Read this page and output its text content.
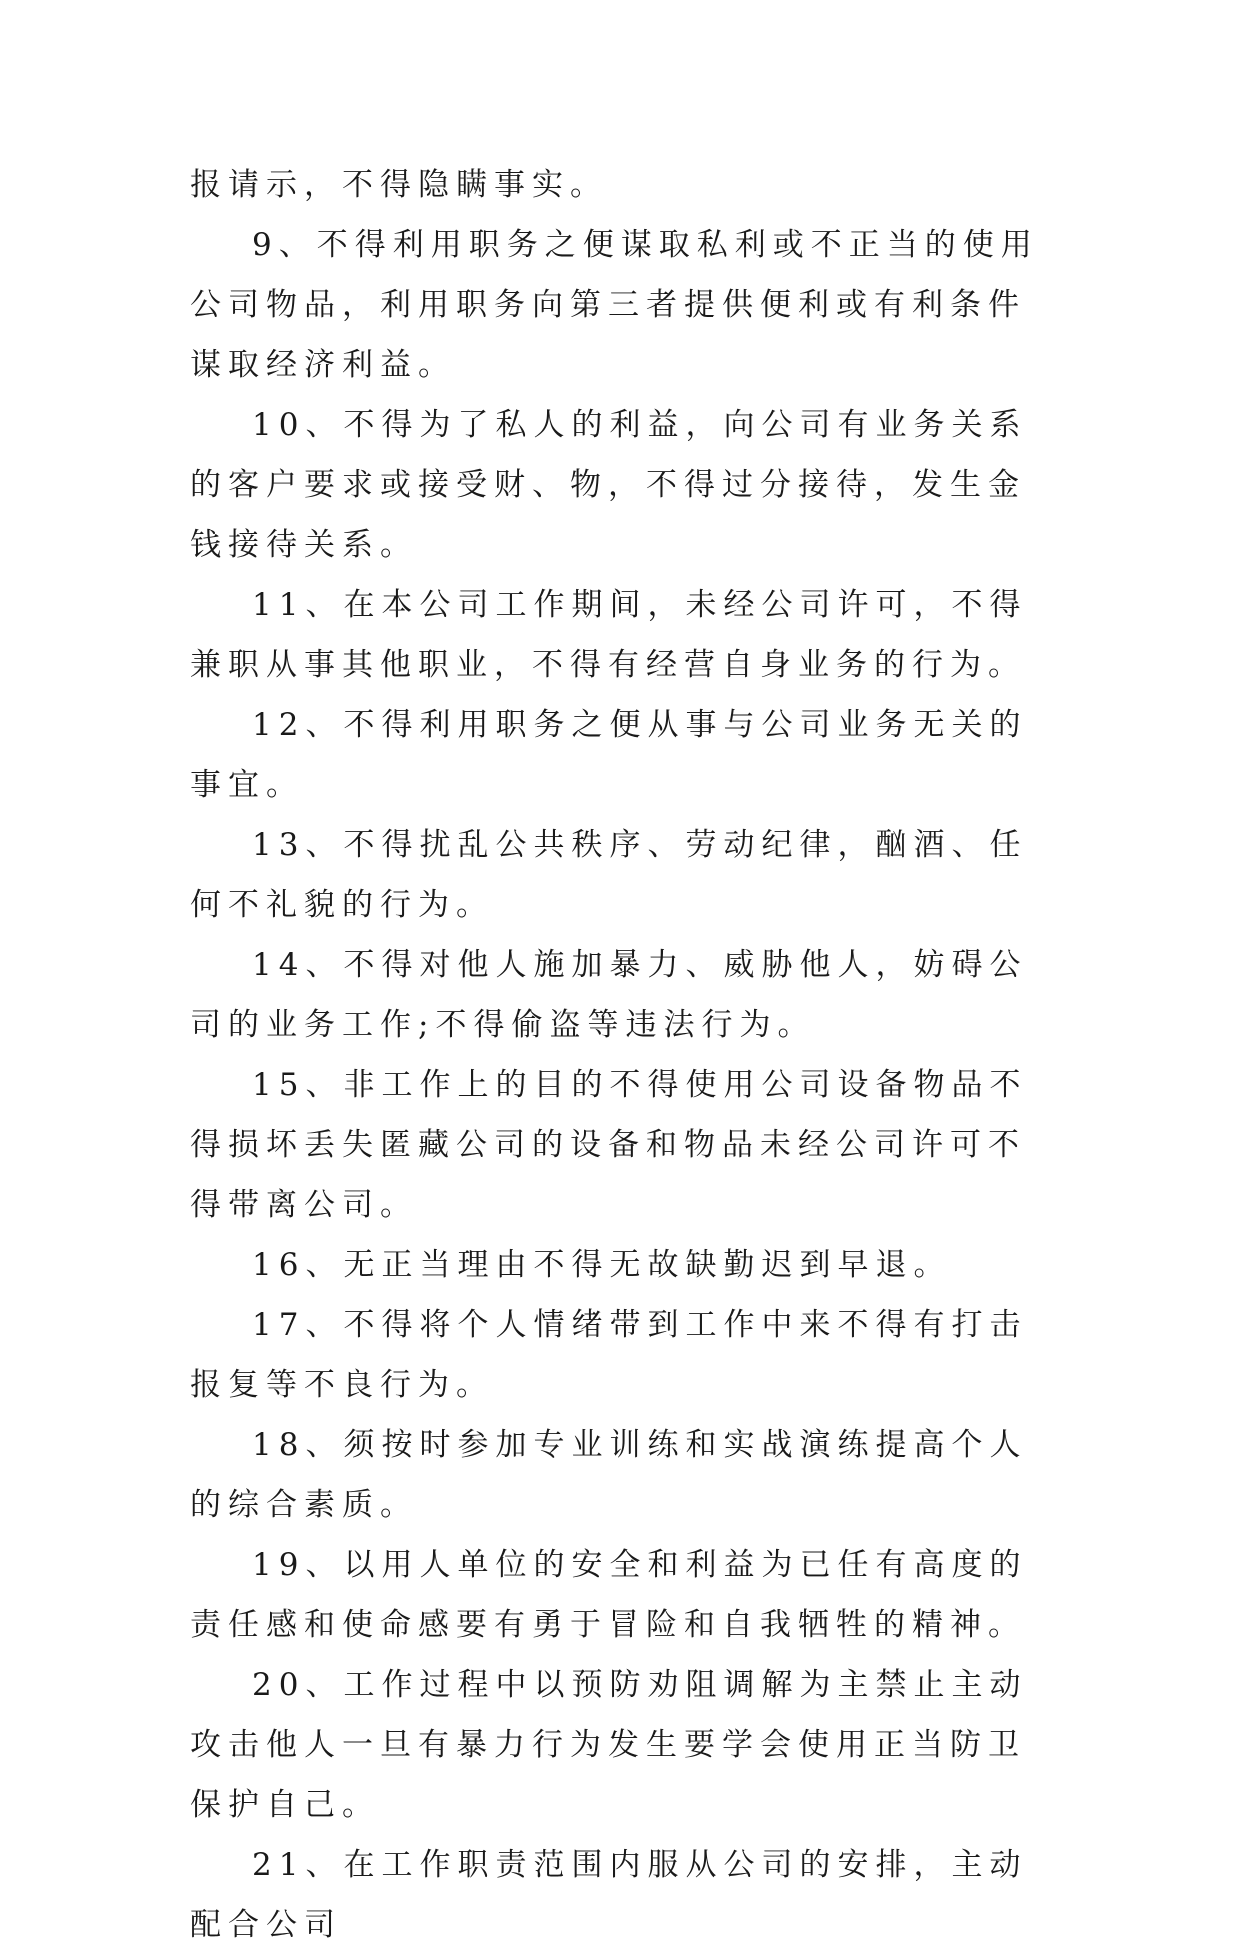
报请示，不得隐瞒事实。

9、不得利用职务之便谋取私利或不正当的使用公司物品，利用职务向第三者提供便利或有利条件谋取经济利益。

10、不得为了私人的利益，向公司有业务关系的客户要求或接受财、物，不得过分接待，发生金钱接待关系。

11、在本公司工作期间，未经公司许可，不得兼职从事其他职业，不得有经营自身业务的行为。

12、不得利用职务之便从事与公司业务无关的事宜。

13、不得扰乱公共秩序、劳动纪律，酗酒、任何不礼貌的行为。

14、不得对他人施加暴力、威胁他人，妨碍公司的业务工作;不得偷盗等违法行为。

15、非工作上的目的不得使用公司设备物品不得损坏丢失匿藏公司的设备和物品未经公司许可不得带离公司。

16、无正当理由不得无故缺勤迟到早退。

17、不得将个人情绪带到工作中来不得有打击报复等不良行为。

18、须按时参加专业训练和实战演练提高个人的综合素质。

19、以用人单位的安全和利益为已任有高度的责任感和使命感要有勇于冒险和自我牺牲的精神。

20、工作过程中以预防劝阻调解为主禁止主动攻击他人一旦有暴力行为发生要学会使用正当防卫保护自己。

21、在工作职责范围内服从公司的安排，主动配合公司
